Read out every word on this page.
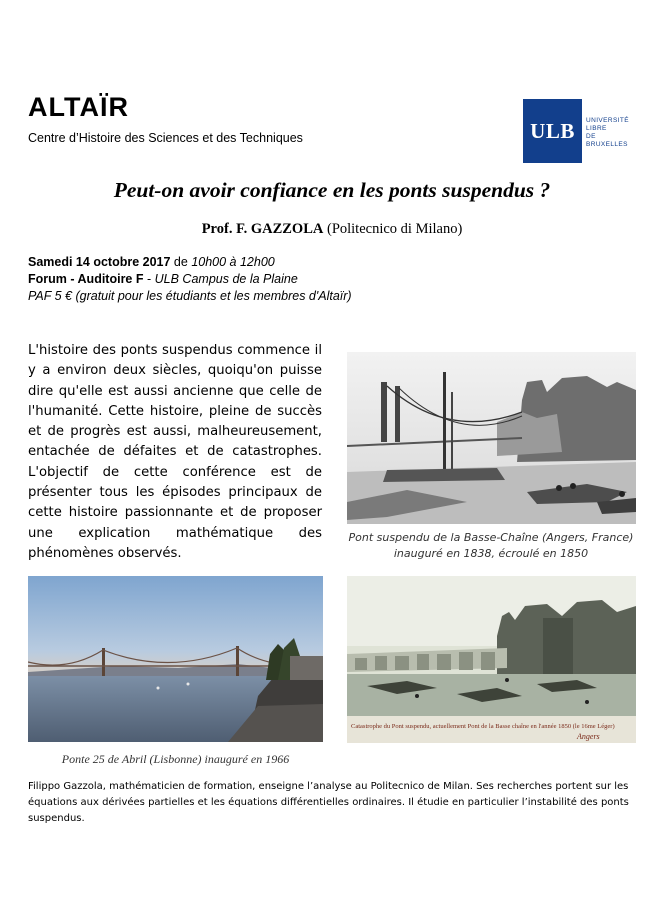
ALTAÏR
Centre d’Histoire des Sciences et des Techniques	ULB	UNIVERSITÉ
LIBRE
DE BRUXELLES
Peut-on avoir confiance en les ponts suspendus ?
Prof. F. GAZZOLA (Politecnico di Milano)
Samedi 14 octobre 2017 de 10h00 à 12h00
Forum - Auditoire F - ULB Campus de la Plaine
PAF 5 € (gratuit pour les étudiants et les membres d'Altaïr)

L'histoire des ponts suspendus commence il y a environ deux siècles, quoiqu'on puisse dire qu'elle est aussi ancienne que celle de l'humanité. Cette histoire, pleine de succès et de progrès est aussi, malheureusement, entachée de défaites et de catastrophes. L'objectif de cette conférence est de présenter tous les épisodes principaux de cette histoire passionnante et de proposer une explication mathématique des phénomènes observés.

Pont suspendu de la Basse-Chaîne (Angers, France)
inauguré en 1838, écroulé en 1850
Ponte 25 de Abril (Lisbonne) inauguré en 1966
Catastrophe du Pont suspendu, actuellement Pont de la Basse chaîne en l'année 1850 (le 16me Léger)
Angers

Filippo Gazzola, mathématicien de formation, enseigne l’analyse au Politecnico de Milan. Ses recherches portent sur les équations aux dérivées partielles et les équations différentielles ordinaires. Il étudie en particulier l’instabilité des ponts suspendus.
